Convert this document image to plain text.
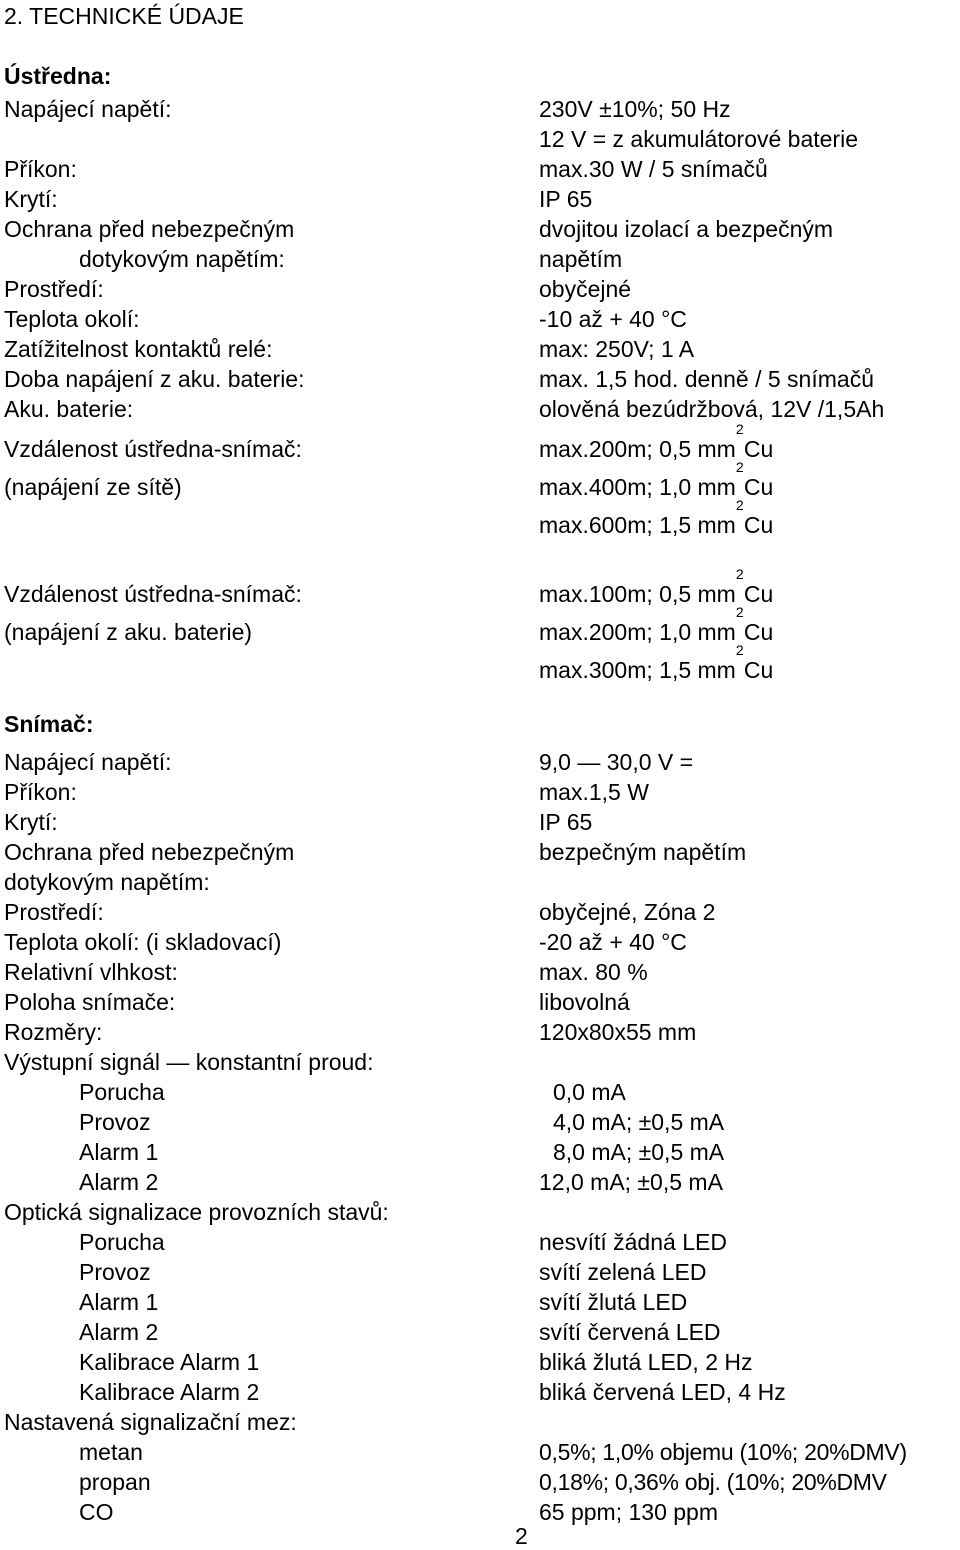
2. TECHNICKÉ ÚDAJE
Ústředna:
Napájecí napětí:
Příkon:
Krytí:
Ochrana před nebezpečným
dotykovým napětím:
Prostředí:
Teplota okolí:
Zatížitelnost kontaktů relé:
Doba napájení z aku. baterie:
Aku. baterie:
Vzdálenost ústředna-snímač:
(napájení ze sítě)
Vzdálenost ústředna-snímač:
(napájení z aku. baterie)
230V ±10%; 50 Hz
12 V = z akumulátorové baterie
max.30 W / 5 snímačů
IP 65
dvojitou izolací a bezpečným
napětím
obyčejné
-10 až + 40 °C
max: 250V; 1 A
max. 1,5 hod. denně / 5 snímačů
olověná bezúdržbová, 12V /1,5Ah
max.200m; 0,5 mm
2
Cu
max.400m; 1,0 mm
2
Cu
max.600m; 1,5 mm
2
Cu
max.100m; 0,5 mm
2
Cu
max.200m; 1,0 mm
2
Cu
max.300m; 1,5 mm
2
Cu
Snímač:
Napájecí napětí:
Příkon:
Krytí:
Ochrana před nebezpečným
dotykovým napětím:
Prostředí:
Teplota okolí: (i skladovací)
Relativní vlhkost:
Poloha snímače:
Rozměry:
Výstupní signál — konstantní proud:
Porucha
Provoz
Alarm 1
Alarm 2
Optická signalizace provozních stavů:
Porucha
Provoz
Alarm 1
Alarm 2
Kalibrace Alarm 1
Kalibrace Alarm 2
Nastavená signalizační mez:
metan
propan
CO
9,0 — 30,0 V =
max.1,5 W
IP 65
bezpečným napětím
obyčejné, Zóna 2
-20 až + 40 °C
max. 80 %
libovolná
120x80x55 mm
0,0 mA
4,0 mA; ±0,5 mA
8,0 mA; ±0,5 mA
12,0 mA; ±0,5 mA
nesvítí žádná LED
svítí zelená LED
svítí žlutá LED
svítí červená LED
bliká žlutá LED, 2 Hz
bliká červená LED, 4 Hz
0,5%; 1,0% objemu (10%; 20%DMV)
0,18%; 0,36% obj. (10%; 20%DMV
65 ppm; 130 ppm
2
